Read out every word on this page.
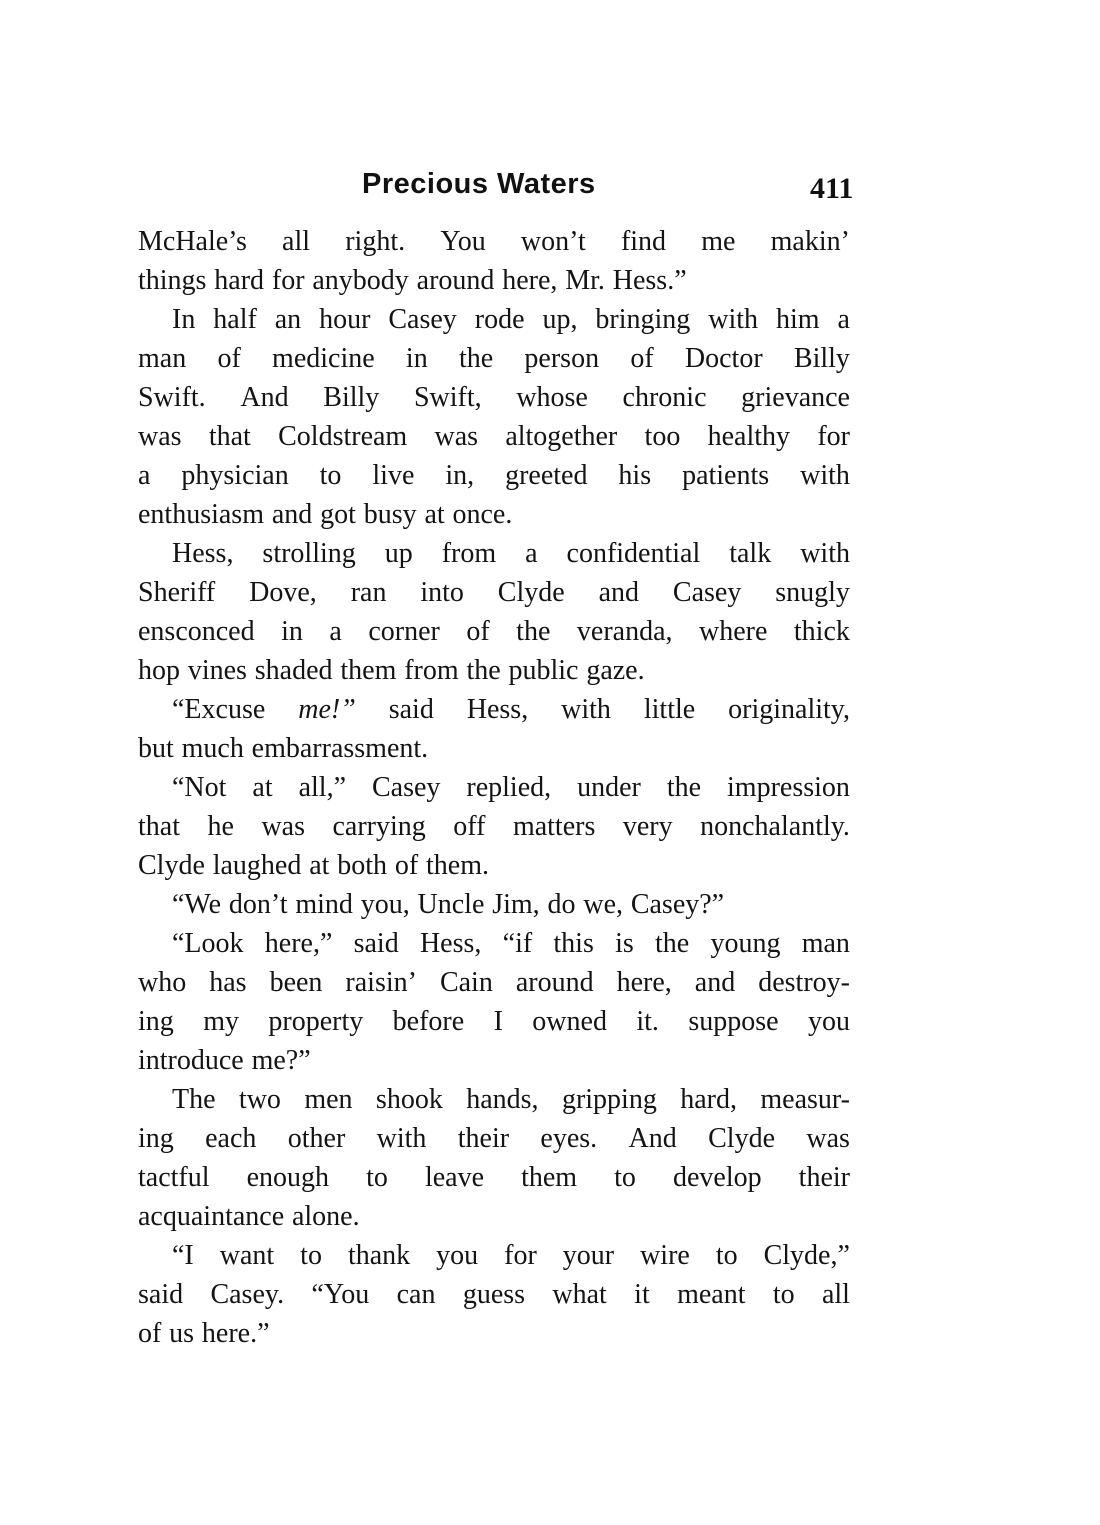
Precious Waters	411
McHale’s all right. You won’t find me makin’
things hard for anybody around here, Mr. Hess.”
In half an hour Casey rode up, bringing with him a
man of medicine in the person of Doctor Billy
Swift. And Billy Swift, whose chronic grievance
was that Coldstream was altogether too healthy for
a physician to live in, greeted his patients with
enthusiasm and got busy at once.
Hess, strolling up from a confidential talk with
Sheriff Dove, ran into Clyde and Casey snugly
ensconced in a corner of the veranda, where thick
hop vines shaded them from the public gaze.
“Excuse me!” said Hess, with little originality,
but much embarrassment.
“Not at all,” Casey replied, under the impression
that he was carrying off matters very nonchalantly.
Clyde laughed at both of them.
“We don’t mind you, Uncle Jim, do we, Casey?”
“Look here,” said Hess, “if this is the young man
who has been raisin’ Cain around here, and destroy-
ing my property before I owned it. suppose you
introduce me?”
The two men shook hands, gripping hard, measur-
ing each other with their eyes. And Clyde was
tactful enough to leave them to develop their
acquaintance alone.
“I want to thank you for your wire to Clyde,”
said Casey. “You can guess what it meant to all
of us here.”
